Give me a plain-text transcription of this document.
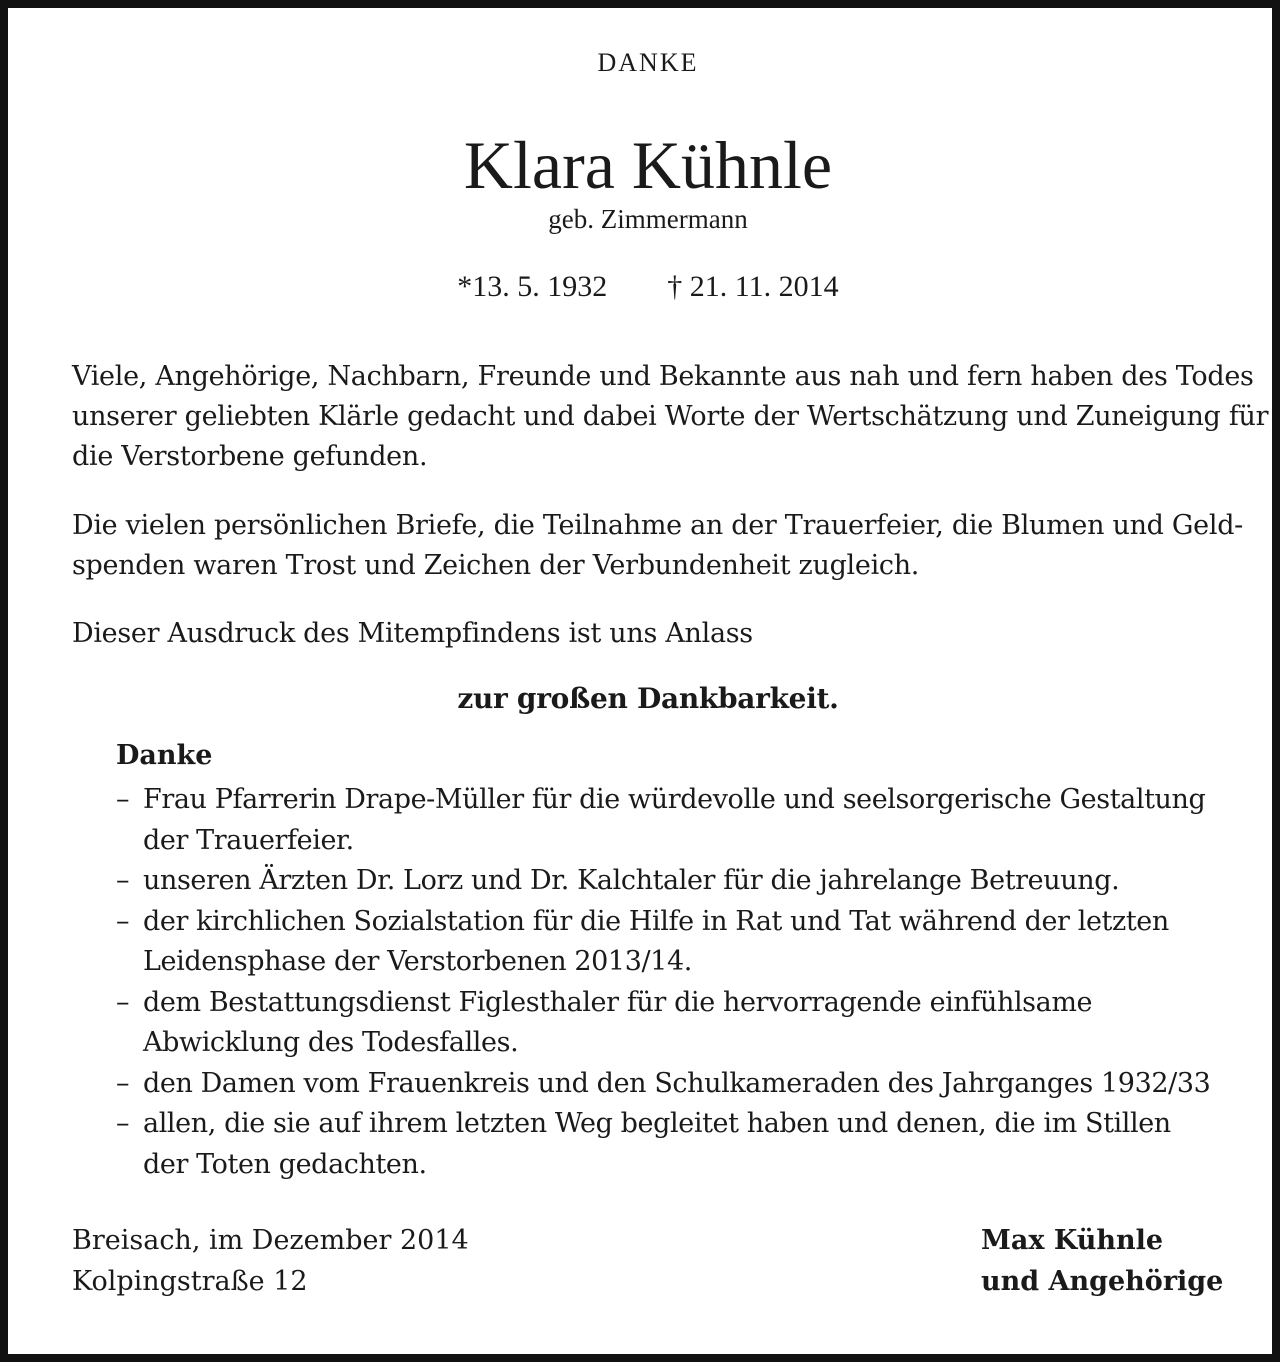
DANKE
Klara Kühnle
geb. Zimmermann
*13. 5. 1932 † 21. 11. 2014
Viele, Angehörige, Nachbarn, Freunde und Bekannte aus nah und fern haben des Todes
unserer geliebten Klärle gedacht und dabei Worte der Wertschätzung und Zuneigung für
die Verstorbene gefunden.
Die vielen persönlichen Briefe, die Teilnahme an der Trauerfeier, die Blumen und Geld-
spenden waren Trost und Zeichen der Verbundenheit zugleich.
Dieser Ausdruck des Mitempfindens ist uns Anlass
zur großen Dankbarkeit.
Danke
– Frau Pfarrerin Drape-Müller für die würdevolle und seelsorgerische Gestaltung
der Trauerfeier.
– unseren Ärzten Dr. Lorz und Dr. Kalchtaler für die jahrelange Betreuung.
– der kirchlichen Sozialstation für die Hilfe in Rat und Tat während der letzten
Leidensphase der Verstorbenen 2013/14.
– dem Bestattungsdienst Figlesthaler für die hervorragende einfühlsame
Abwicklung des Todesfalles.
– den Damen vom Frauenkreis und den Schulkameraden des Jahrganges 1932/33
– allen, die sie auf ihrem letzten Weg begleitet haben und denen, die im Stillen
der Toten gedachten.
Breisach, im Dezember 2014
Kolpingstraße 12
Max Kühnle
und Angehörige
